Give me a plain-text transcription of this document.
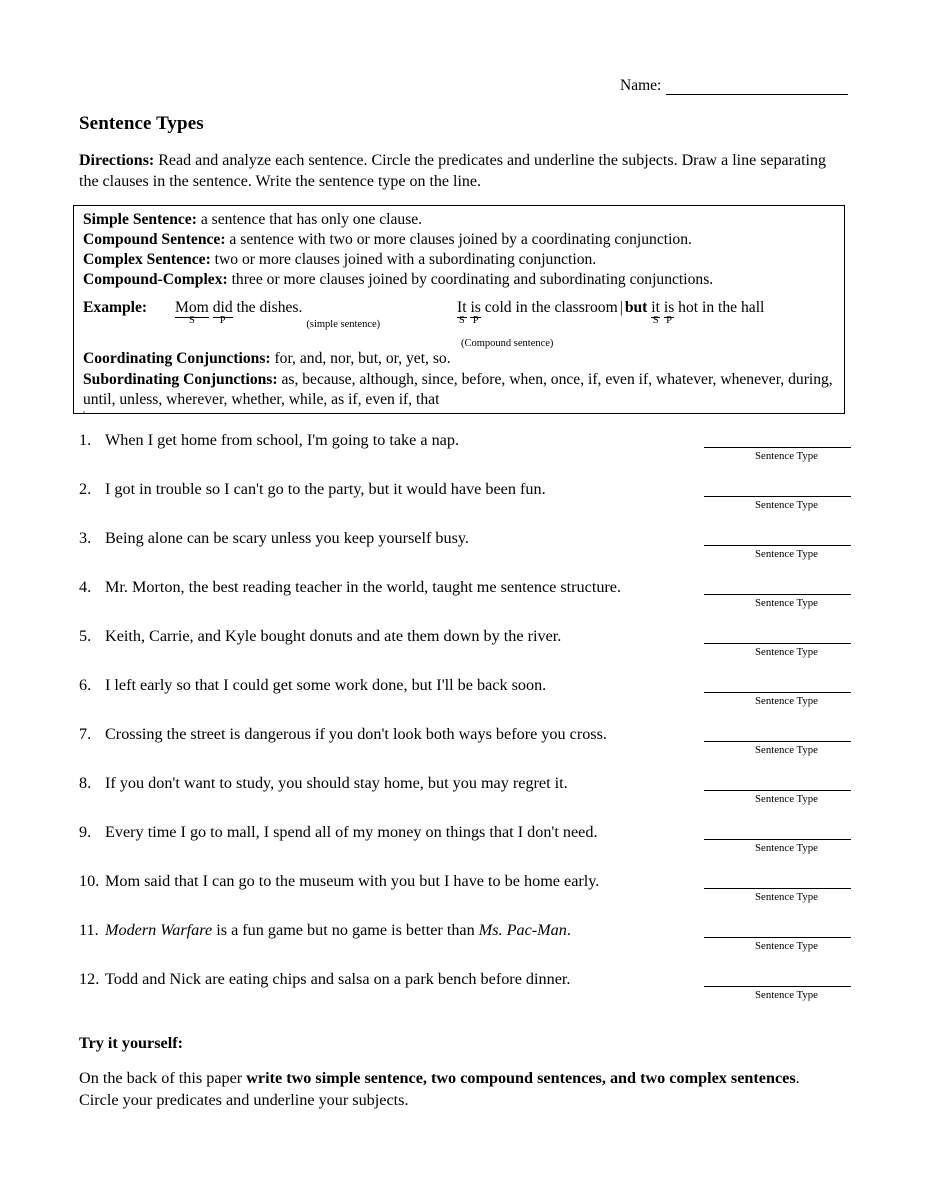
Name:
Sentence Types
Directions: Read and analyze each sentence. Circle the predicates and underline the subjects. Draw a line separating the clauses in the sentence. Write the sentence type on the line.
Simple Sentence: a sentence that has only one clause.
Compound Sentence: a sentence with two or more clauses joined by a coordinating conjunction.
Complex Sentence: two or more clauses joined with a subordinating conjunction.
Compound-Complex: three or more clauses joined by coordinating and subordinating conjunctions.
Example: Mom
S
did
P
the dishes.(simple sentence)
It
S
is
P
cold in the classroom | but it
S
is
P
hot in the hall(Compound sentence)
Coordinating Conjunctions: for, and, nor, but, or, yet, so.
Subordinating Conjunctions: as, because, although, since, before, when, once, if, even if, whatever, whenever, during, until, unless, wherever, whether, while, as if, even if, that
s
1. When I get home from school, I'm going to take a nap.
Sentence Type
2. I got in trouble so I can't go to the party, but it would have been fun.
Sentence Type
3. Being alone can be scary unless you keep yourself busy.
Sentence Type
4. Mr. Morton, the best reading teacher in the world, taught me sentence structure.
Sentence Type
5. Keith, Carrie, and Kyle bought donuts and ate them down by the river.
Sentence Type
6. I left early so that I could get some work done, but I'll be back soon.
Sentence Type
7. Crossing the street is dangerous if you don't look both ways before you cross.
Sentence Type
8. If you don't want to study, you should stay home, but you may regret it.
Sentence Type
9. Every time I go to mall, I spend all of my money on things that I don't need.
Sentence Type
10. Mom said that I can go to the museum with you but I have to be home early.
Sentence Type
11. Modern Warfare is a fun game but no game is better than Ms. Pac-Man.
Sentence Type
12. Todd and Nick are eating chips and salsa on a park bench before dinner.
Sentence Type
Try it yourself:
On the back of this paper write two simple sentence, two compound sentences, and two complex sentences. Circle your predicates and underline your subjects.
